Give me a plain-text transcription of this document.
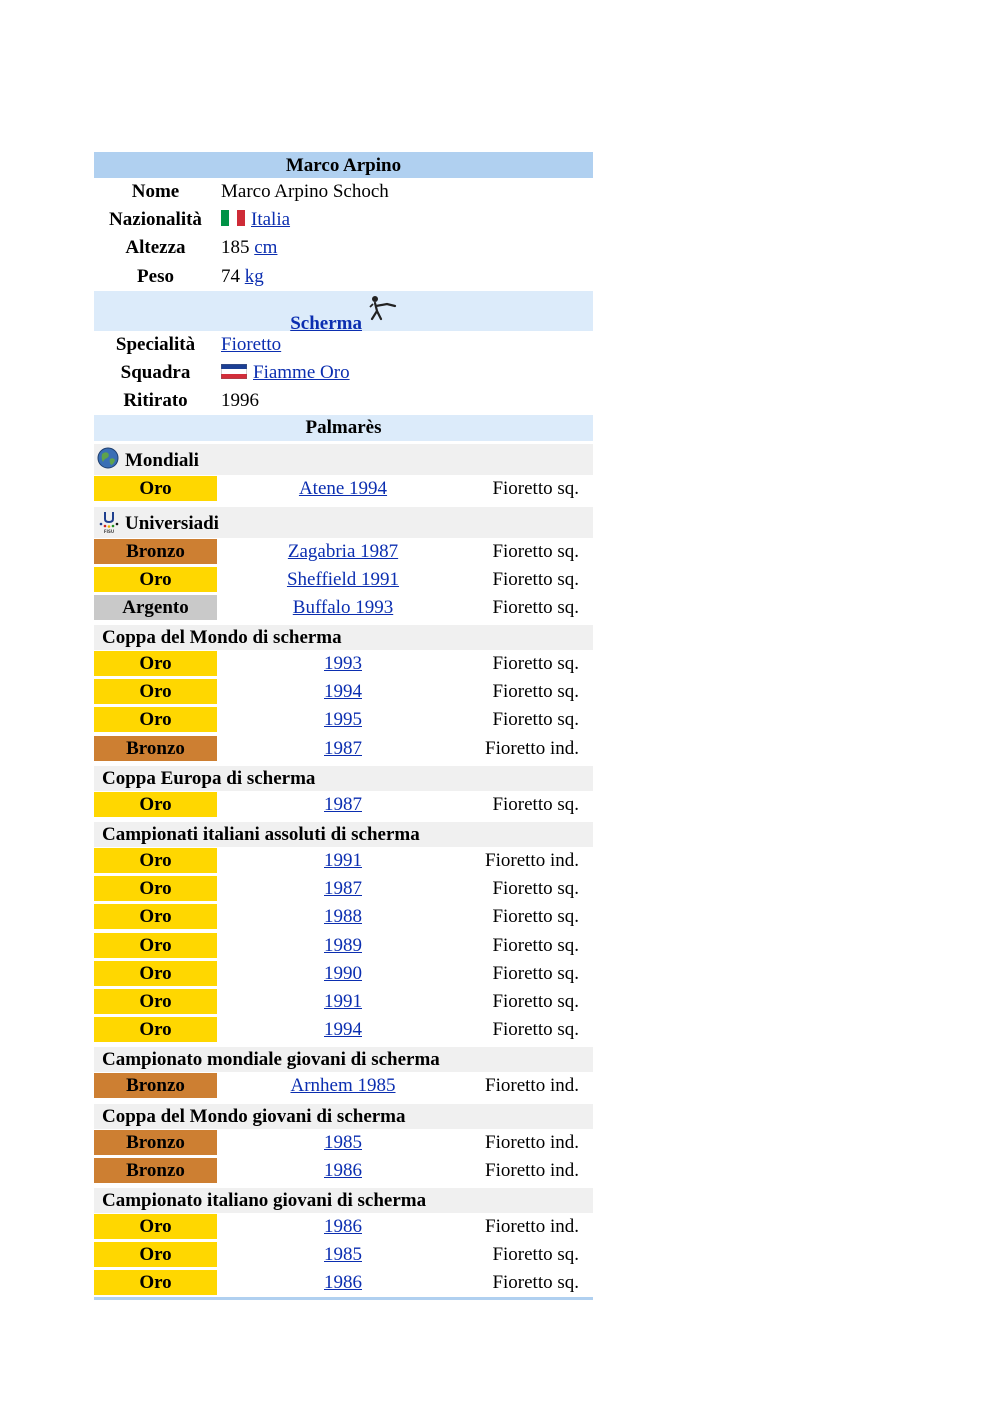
Marco Arpino
Nome	Marco Arpino Schoch
Nazionalità	Italia
Altezza	185 cm
Peso	74 kg
Scherma
Specialità	Fioretto
Squadra	Fiamme Oro
Ritirato	1996
Palmarès
Mondiali
Oro	Atene 1994	Fioretto sq.
FISU Universiadi
Bronzo	Zagabria 1987	Fioretto sq.
Oro	Sheffield 1991	Fioretto sq.
Argento	Buffalo 1993	Fioretto sq.
Coppa del Mondo di scherma
Oro	1993	Fioretto sq.
Oro	1994	Fioretto sq.
Oro	1995	Fioretto sq.
Bronzo	1987	Fioretto ind.
Coppa Europa di scherma
Oro	1987	Fioretto sq.
Campionati italiani assoluti di scherma
Oro	1991	Fioretto ind.
Oro	1987	Fioretto sq.
Oro	1988	Fioretto sq.
Oro	1989	Fioretto sq.
Oro	1990	Fioretto sq.
Oro	1991	Fioretto sq.
Oro	1994	Fioretto sq.
Campionato mondiale giovani di scherma
Bronzo	Arnhem 1985	Fioretto ind.
Coppa del Mondo giovani di scherma
Bronzo	1985	Fioretto ind.
Bronzo	1986	Fioretto ind.
Campionato italiano giovani di scherma
Oro	1986	Fioretto ind.
Oro	1985	Fioretto sq.
Oro	1986	Fioretto sq.
